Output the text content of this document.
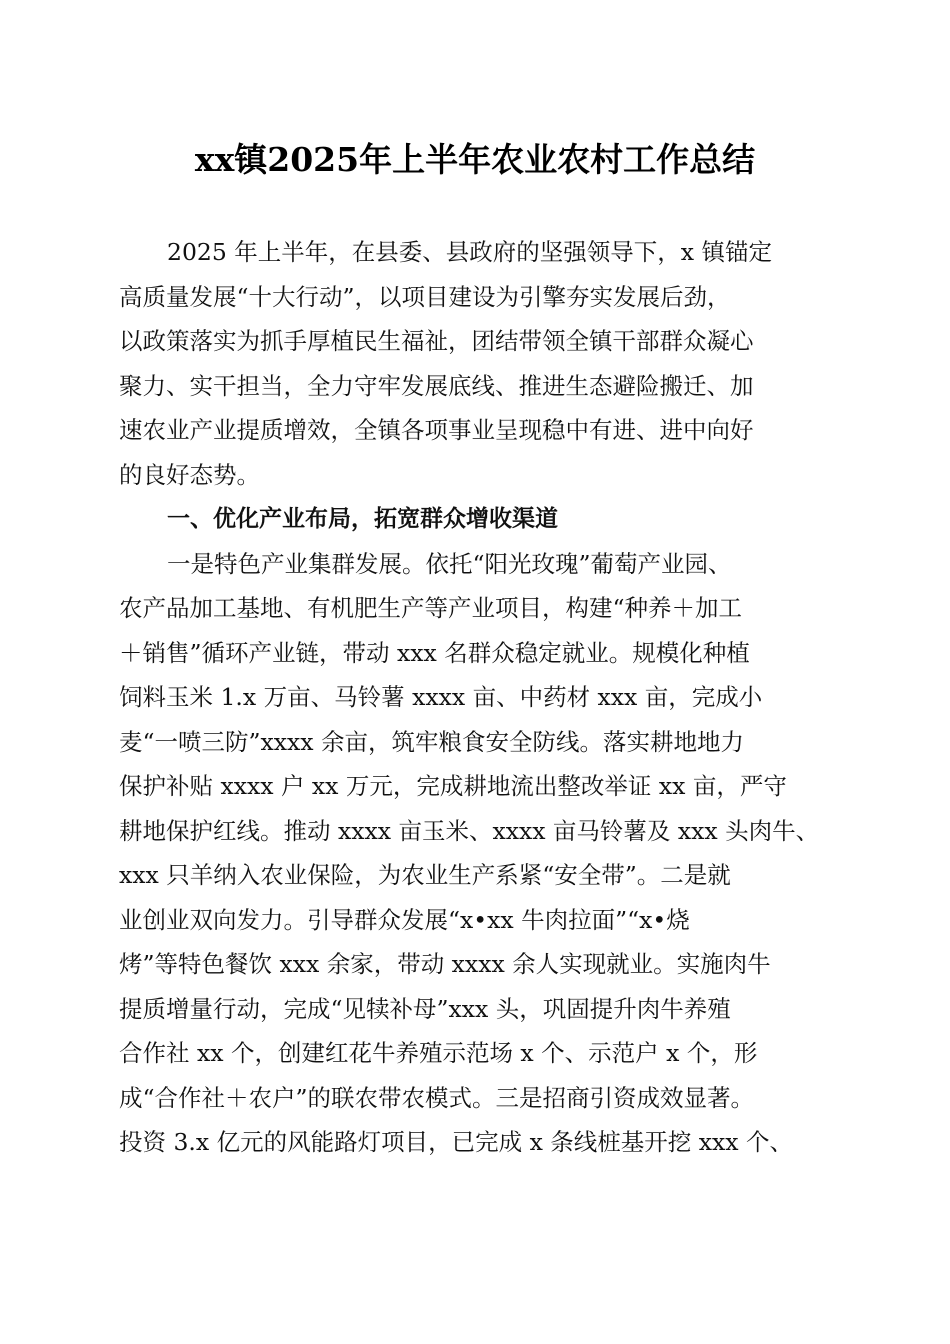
xx镇2025年上半年农业农村工作总结

2025 年上半年，在县委、县政府的坚强领导下，x 镇锚定
高质量发展“十大行动”，以项目建设为引擎夯实发展后劲，
以政策落实为抓手厚植民生福祉，团结带领全镇干部群众凝心
聚力、实干担当，全力守牢发展底线、推进生态避险搬迁、加
速农业产业提质增效，全镇各项事业呈现稳中有进、进中向好
的良好态势。

一、优化产业布局，拓宽群众增收渠道

一是特色产业集群发展。依托“阳光玫瑰”葡萄产业园、
农产品加工基地、有机肥生产等产业项目，构建“种养＋加工
＋销售”循环产业链，带动 xxx 名群众稳定就业。规模化种植
饲料玉米 1.x 万亩、马铃薯 xxxx 亩、中药材 xxx 亩，完成小
麦“一喷三防”xxxx 余亩，筑牢粮食安全防线。落实耕地地力
保护补贴 xxxx 户 xx 万元，完成耕地流出整改举证 xx 亩，严守
耕地保护红线。推动 xxxx 亩玉米、xxxx 亩马铃薯及 xxx 头肉牛、
xxx 只羊纳入农业保险，为农业生产系紧“安全带”。二是就
业创业双向发力。引导群众发展“x•xx 牛肉拉面”“x•烧
烤”等特色餐饮 xxx 余家，带动 xxxx 余人实现就业。实施肉牛
提质增量行动，完成“见犊补母”xxx 头，巩固提升肉牛养殖
合作社 xx 个，创建红花牛养殖示范场 x 个、示范户 x 个，形
成“合作社＋农户”的联农带农模式。三是招商引资成效显著。
投资 3.x 亿元的风能路灯项目，已完成 x 条线桩基开挖 xxx 个、
